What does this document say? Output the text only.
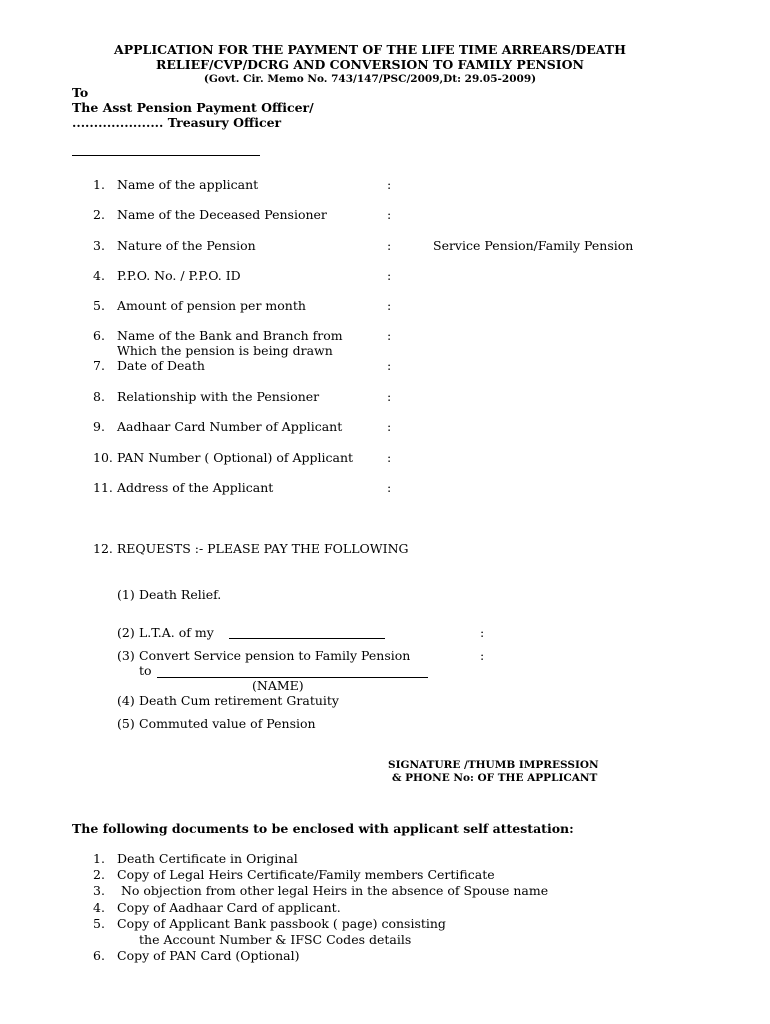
APPLICATION FOR THE PAYMENT OF THE LIFE TIME ARREARS/DEATH
RELIEF/CVP/DCRG AND CONVERSION TO FAMILY PENSION
(Govt. Cir. Memo No. 743/147/PSC/2009,Dt: 29.05-2009)
To
The Asst Pension Payment Officer/
..................... Treasury Officer
1. Name of the applicant	:
2. Name of the Deceased Pensioner	:
3. Nature of the Pension	:	Service Pension/Family Pension
4. P.P.O. No. / P.P.O. ID	:
5. Amount of pension per month	:
6. Name of the Bank and Branch from
Which the pension is being drawn
:
7. Date of Death	:
8. Relationship with the Pensioner	:
9. Aadhaar Card Number of Applicant	:
10. PAN Number ( Optional) of Applicant	:
11. Address of the Applicant	:
12. REQUESTS :- PLEASE PAY THE FOLLOWING
(1) Death Relief.
(2) L.T.A. of my	:
(3) Convert Service pension to Family Pension	:
to
(NAME)
(4) Death Cum retirement Gratuity
(5) Commuted value of Pension
SIGNATURE /THUMB IMPRESSION
& PHONE No: OF THE APPLICANT
The following documents to be enclosed with applicant self attestation:
1. Death Certificate in Original
2. Copy of Legal Heirs Certificate/Family members Certificate
3. No objection from other legal Heirs in the absence of Spouse name
4. Copy of Aadhaar Card of applicant.
5. Copy of Applicant Bank passbook ( page) consisting
the Account Number & IFSC Codes details
6. Copy of PAN Card (Optional)
